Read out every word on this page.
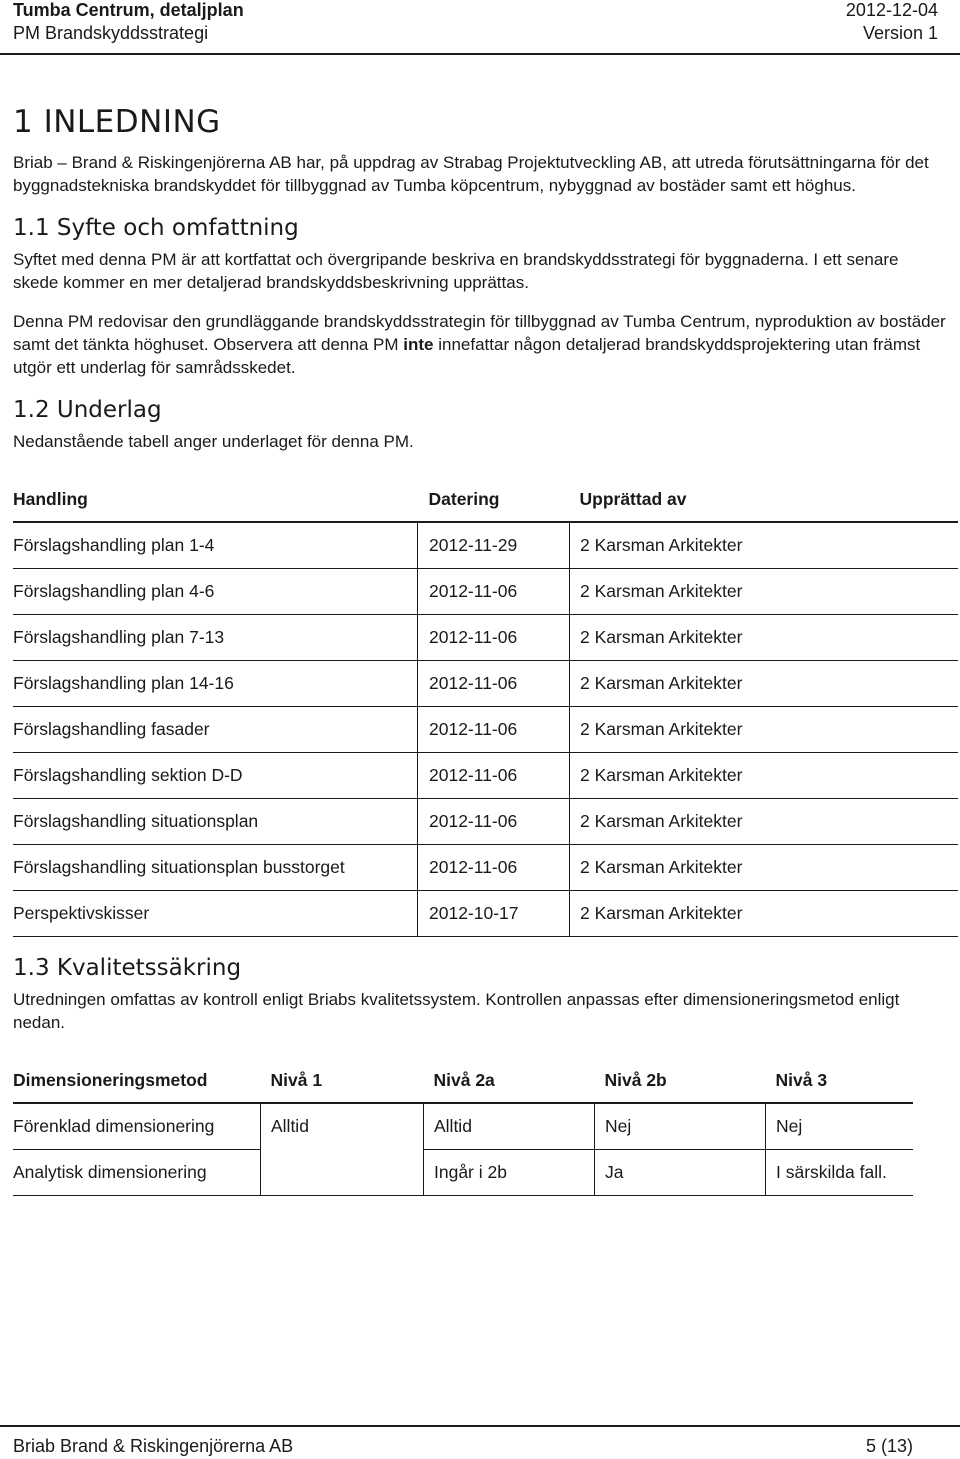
Tumba Centrum, detaljplan
PM Brandskyddsstrategi
2012-12-04
Version 1
1 INLEDNING

Briab – Brand & Riskingenjörerna AB har, på uppdrag av Strabag Projektutveckling AB, att utreda förutsättningarna för det byggnadstekniska brandskyddet för tillbyggnad av Tumba köpcentrum, nybyggnad av bostäder samt ett höghus.

1.1 Syfte och omfattning

Syftet med denna PM är att kortfattat och övergripande beskriva en brandskyddsstrategi för byggnaderna. I ett senare skede kommer en mer detaljerad brandskyddsbeskrivning upprättas.

Denna PM redovisar den grundläggande brandskyddsstrategin för tillbyggnad av Tumba Centrum, nyproduktion av bostäder samt det tänkta höghuset. Observera att denna PM inte innefattar någon detaljerad brandskyddsprojektering utan främst utgör ett underlag för samrådsskedet.

1.2 Underlag

Nedanstående tabell anger underlaget för denna PM.

Handling	Datering	Upprättad av
Förslagshandling plan 1-4	2012-11-29	2 Karsman Arkitekter
Förslagshandling plan 4-6	2012-11-06	2 Karsman Arkitekter
Förslagshandling plan 7-13	2012-11-06	2 Karsman Arkitekter
Förslagshandling plan 14-16	2012-11-06	2 Karsman Arkitekter
Förslagshandling fasader	2012-11-06	2 Karsman Arkitekter
Förslagshandling sektion D-D	2012-11-06	2 Karsman Arkitekter
Förslagshandling situationsplan	2012-11-06	2 Karsman Arkitekter
Förslagshandling situationsplan busstorget	2012-11-06	2 Karsman Arkitekter
Perspektivskisser	2012-10-17	2 Karsman Arkitekter
1.3 Kvalitetssäkring

Utredningen omfattas av kontroll enligt Briabs kvalitetssystem. Kontrollen anpassas efter dimensioneringsmetod enligt nedan.

Dimensioneringsmetod	Nivå 1	Nivå 2a	Nivå 2b	Nivå 3
Förenklad dimensionering	Alltid	Alltid	Nej	Nej
Analytisk dimensionering		Ingår i 2b	Ja	I särskilda fall.
Briab Brand & Riskingenjörerna AB	5 (13)
